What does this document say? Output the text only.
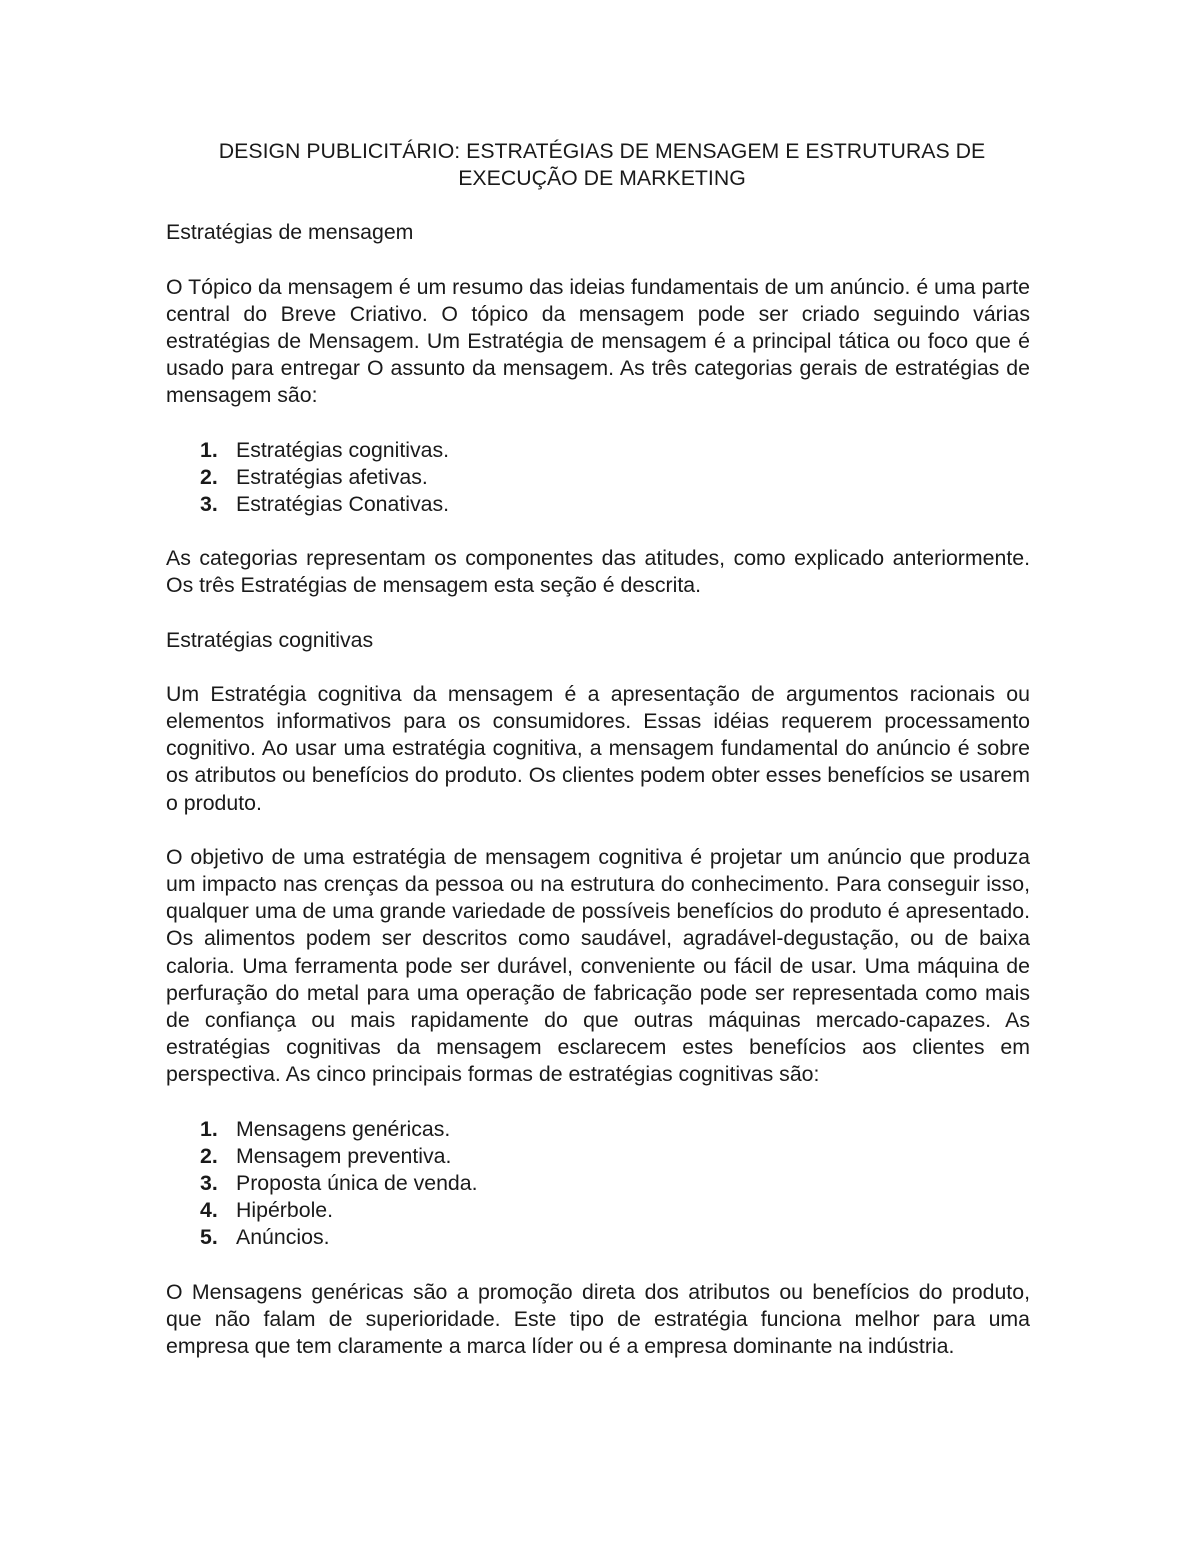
DESIGN PUBLICITÁRIO: ESTRATÉGIAS DE MENSAGEM E ESTRUTURAS DE
EXECUÇÃO DE MARKETING

Estratégias de mensagem

O Tópico da mensagem é um resumo das ideias fundamentais de um anúncio. é uma parte central do Breve Criativo. O tópico da mensagem pode ser criado seguindo várias estratégias de Mensagem. Um Estratégia de mensagem é a principal tática ou foco que é usado para entregar O assunto da mensagem. As três categorias gerais de estratégias de mensagem são:

1. Estratégias cognitivas.
2. Estratégias afetivas.
3. Estratégias Conativas.

As categorias representam os componentes das atitudes, como explicado anteriormente. Os três Estratégias de mensagem esta seção é descrita.

Estratégias cognitivas

Um Estratégia cognitiva da mensagem é a apresentação de argumentos racionais ou elementos informativos para os consumidores. Essas idéias requerem processamento cognitivo. Ao usar uma estratégia cognitiva, a mensagem fundamental do anúncio é sobre os atributos ou benefícios do produto. Os clientes podem obter esses benefícios se usarem o produto.

O objetivo de uma estratégia de mensagem cognitiva é projetar um anúncio que produza um impacto nas crenças da pessoa ou na estrutura do conhecimento. Para conseguir isso, qualquer uma de uma grande variedade de possíveis benefícios do produto é apresentado. Os alimentos podem ser descritos como saudável, agradável-degustação, ou de baixa caloria. Uma ferramenta pode ser durável, conveniente ou fácil de usar. Uma máquina de perfuração do metal para uma operação de fabricação pode ser representada como mais de confiança ou mais rapidamente do que outras máquinas mercado-capazes. As estratégias cognitivas da mensagem esclarecem estes benefícios aos clientes em perspectiva. As cinco principais formas de estratégias cognitivas são:

1. Mensagens genéricas.
2. Mensagem preventiva.
3. Proposta única de venda.
4. Hipérbole.
5. Anúncios.

O Mensagens genéricas são a promoção direta dos atributos ou benefícios do produto, que não falam de superioridade. Este tipo de estratégia funciona melhor para uma empresa que tem claramente a marca líder ou é a empresa dominante na indústria.
